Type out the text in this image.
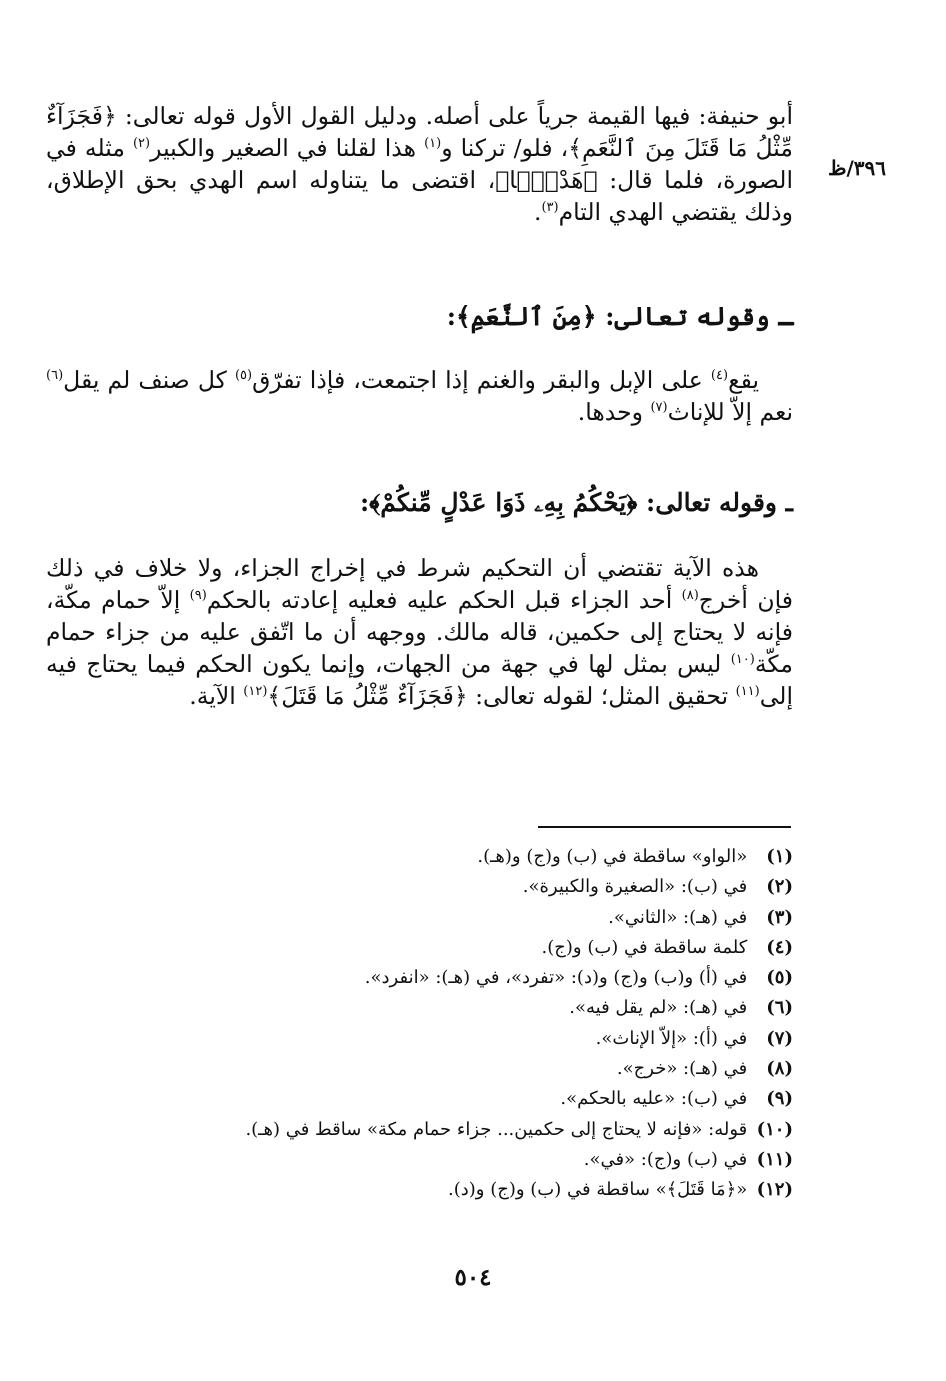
٣٩٦/ظ

أبو حنيفة: فيها القيمة جرياً على أصله. ودليل القول الأول قوله تعالى: ﴿فَجَزَآءٌ مِّثْلُ مَا قَتَلَ مِنَ ٱلنَّعَمِ﴾، فلو/ تركنا و$^{(١)}$ هذا لقلنا في الصغير والكبير$^{(٢)}$ مثله في الصورة، فلما قال: ﴿هَدْيَۢا﴾، اقتضى ما يتناوله اسم الهدي بحق الإطلاق، وذلك يقتضي الهدي التام$^{(٣)}$.

ـ وقوله تعالى: ﴿مِنَ ٱلنَّعَمِ﴾:

يقع$^{(٤)}$ على الإبل والبقر والغنم إذا اجتمعت، فإذا تفرّق$^{(٥)}$ كل صنف لم يقل$^{(٦)}$ نعم إلاّ للإناث$^{(٧)}$ وحدها.

ـ وقوله تعالى: ﴿يَحْكُمُ بِهِۦ ذَوَا عَدْلٍ مِّنكُمْ﴾:

هذه الآية تقتضي أن التحكيم شرط في إخراج الجزاء، ولا خلاف في ذلك فإن أخرج$^{(٨)}$ أحد الجزاء قبل الحكم عليه فعليه إعادته بالحكم$^{(٩)}$ إلاّ حمام مكّة، فإنه لا يحتاج إلى حكمين، قاله مالك. ووجهه أن ما اتّفق عليه من جزاء حمام مكّة$^{(١٠)}$ ليس بمثل لها في جهة من الجهات، وإنما يكون الحكم فيما يحتاج فيه إلى$^{(١١)}$ تحقيق المثل؛ لقوله تعالى: ﴿فَجَزَآءٌ مِّثْلُ مَا قَتَلَ﴾$^{(١٢)}$ الآية.

(١) «الواو» ساقطة في (ب) و(ج) و(هـ).
(٢) في (ب): «الصغيرة والكبيرة».
(٣) في (هـ): «الثاني».
(٤) كلمة ساقطة في (ب) و(ج).
(٥) في (أ) و(ب) و(ج) و(د): «تفرد»، في (هـ): «انفرد».
(٦) في (هـ): «لم يقل فيه».
(٧) في (أ): «إلاّ الإناث».
(٨) في (هـ): «خرج».
(٩) في (ب): «عليه بالحكم».
(١٠) قوله: «فإنه لا يحتاج إلى حكمين... جزاء حمام مكة» ساقط في (هـ).
(١١) في (ب) و(ج): «في».
(١٢) «﴿مَا قَتَلَ﴾» ساقطة في (ب) و(ج) و(د).
٥٠٤
